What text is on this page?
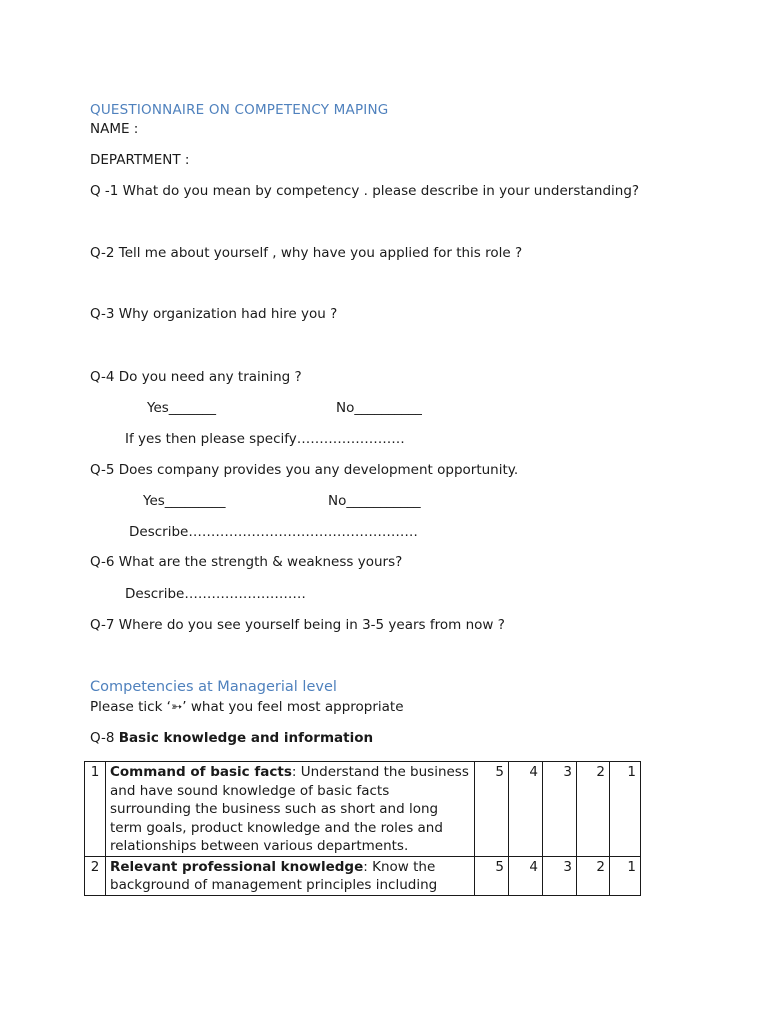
QUESTIONNAIRE ON COMPETENCY MAPING
NAME :
DEPARTMENT :
Q -1 What do you mean by competency . please describe in your understanding?
Q-2 Tell me about yourself , why have you applied for this role ?
Q-3 Why organization had hire you ?
Q-4 Do you need any training ?
Yes_______	No__________
If yes then please specify……………………
Q-5 Does company provides you any development opportunity.
Yes_________	No___________
Describe……………………………………………
Q-6 What are the strength & weakness yours?
Describe………………………
Q-7 Where do you see yourself being in 3-5 years from now ?
Competencies at Managerial level
Please tick ‘➳’ what you feel most appropriate
Q-8 Basic knowledge and information
1	Command of basic facts: Understand the business and have sound knowledge of basic facts surrounding the business such as short and long term goals, product knowledge and the roles and relationships between various departments.	5	4	3	2	1
2	Relevant professional knowledge: Know the background of management principles including	5	4	3	2	1
